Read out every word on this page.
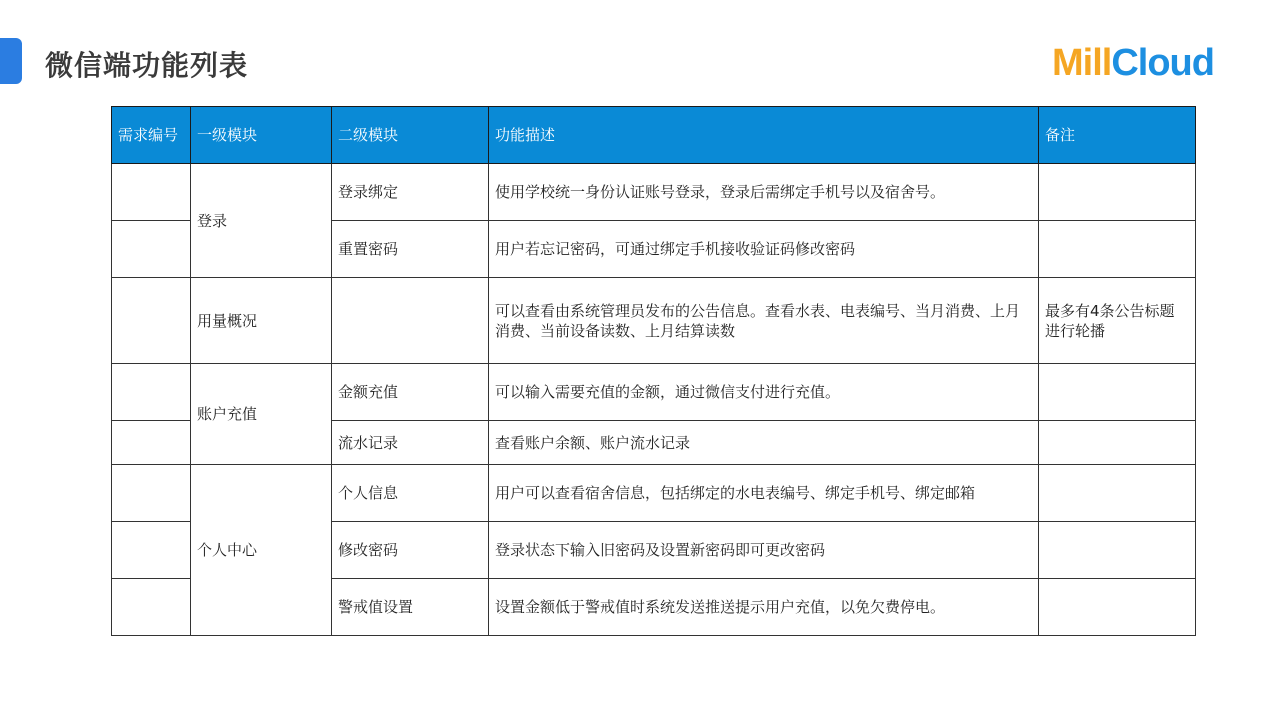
微信端功能列表	MillCloud
需求编号	一级模块	二级模块	功能描述	备注
	登录	登录绑定	使用学校统一身份认证账号登录，登录后需绑定手机号以及宿舍号。	
		重置密码	用户若忘记密码，可通过绑定手机接收验证码修改密码	
	用量概况		可以查看由系统管理员发布的公告信息。查看水表、电表编号、当月消费、上月消费、当前设备读数、上月结算读数	最多有4条公告标题进行轮播
	账户充值	金额充值	可以输入需要充值的金额，通过微信支付进行充值。	
		流水记录	查看账户余额、账户流水记录	
	个人中心	个人信息	用户可以查看宿舍信息，包括绑定的水电表编号、绑定手机号、绑定邮箱	
		修改密码	登录状态下输入旧密码及设置新密码即可更改密码	
		警戒值设置	设置金额低于警戒值时系统发送推送提示用户充值，以免欠费停电。	
